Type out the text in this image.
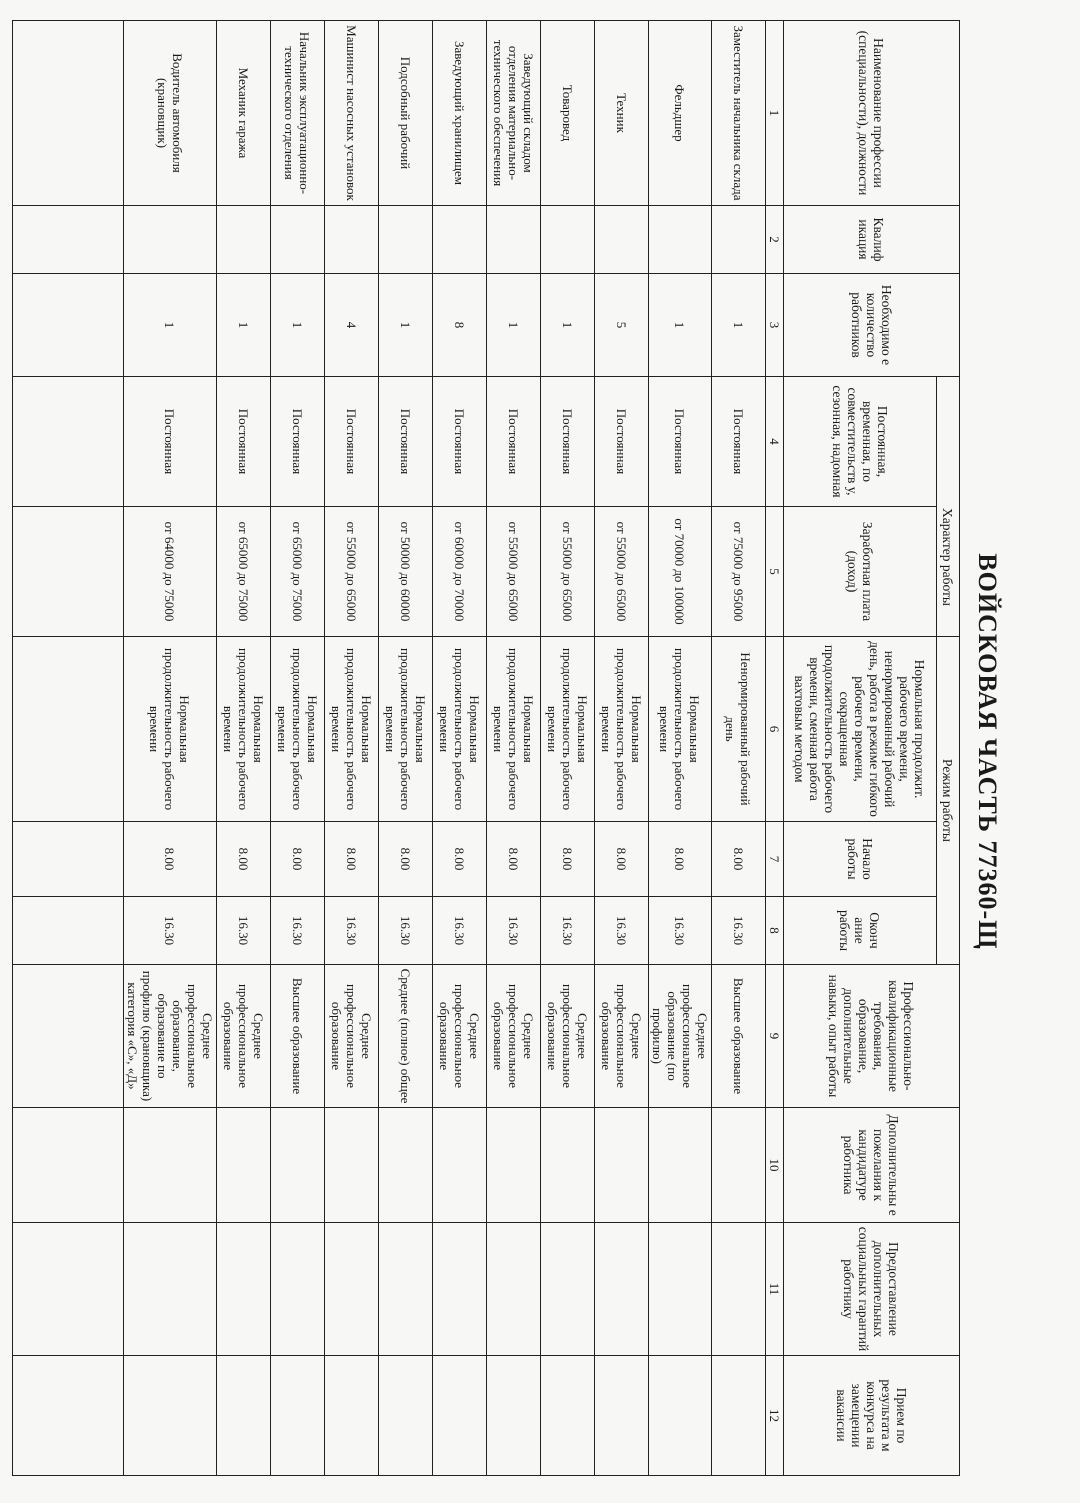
ВОЙСКОВАЯ ЧАСТЬ 77360-Щ
Наименование профессии (специальности), должности	Квалиф икация	Необходимо е количество работников	Характер работы		Режим работы			Профессионально-квалификационные требования, образование, дополнительные навыки, опыт работы	Дополнительны е пожелания к кандидатуре работника	Предоставление дополнительных социальных гарантий работнику	Прием по результата м конкурса на замещении вакансии
			Постоянная, временная, по совместительств у, сезонная, надомная	Заработная плата (доход)	Нормальная продолжит. рабочего времени, ненормированный рабочий день, работа в режиме гибкого рабочего времени, сокращенная продолжительность рабочего времени, сменная работа вахтовым методом	Начало работы	Оконч ание работы				
1	2	3	4	5	6	7	8	9	10	11	12
Заместитель начальника склада		1	Постоянная	от 75000 до 95000	Ненормированный рабочий день	8.00	16.30	Высшее образование			
Фельдшер		1	Постоянная	от 70000 до 100000	Нормальная продолжительность рабочего времени	8.00	16.30	Среднее профессиональное образование (по профилю)			
Техник		5	Постоянная	от 55000 до 65000	Нормальная продолжительность рабочего времени	8.00	16.30	Среднее профессиональное образование			
Товаровед		1	Постоянная	от 55000 до 65000	Нормальная продолжительность рабочего времени	8.00	16.30	Среднее профессиональное образование			
Заведующий складом отделения материально-технического обеспечения		1	Постоянная	от 55000 до 65000	Нормальная продолжительность рабочего времени	8.00	16.30	Среднее профессиональное образование			
Заведующий хранилищем		8	Постоянная	от 60000 до 70000	Нормальная продолжительность рабочего времени	8.00	16.30	Среднее профессиональное образование			
Подсобный рабочий		1	Постоянная	от 50000 до 60000	Нормальная продолжительность рабочего времени	8.00	16.30	Среднее (полное) общее			
Машинист насосных установок		4	Постоянная	от 55000 до 65000	Нормальная продолжительность рабочего времени	8.00	16.30	Среднее профессиональное образование			
Начальник эксплуатационно-технического отделения		1	Постоянная	от 65000 до 75000	Нормальная продолжительность рабочего времени	8.00	16.30	Высшее образование			
Механик гаража		1	Постоянная	от 65000 до 75000	Нормальная продолжительность рабочего времени	8.00	16.30	Среднее профессиональное образование			
Водитель автомобиля (крановщик)		1	Постоянная	от 64000 до 75000	Нормальная продолжительность рабочего времени	8.00	16.30	Среднее профессиональное образование, образование по профилю (крановщика) категория «С», «Д»			
